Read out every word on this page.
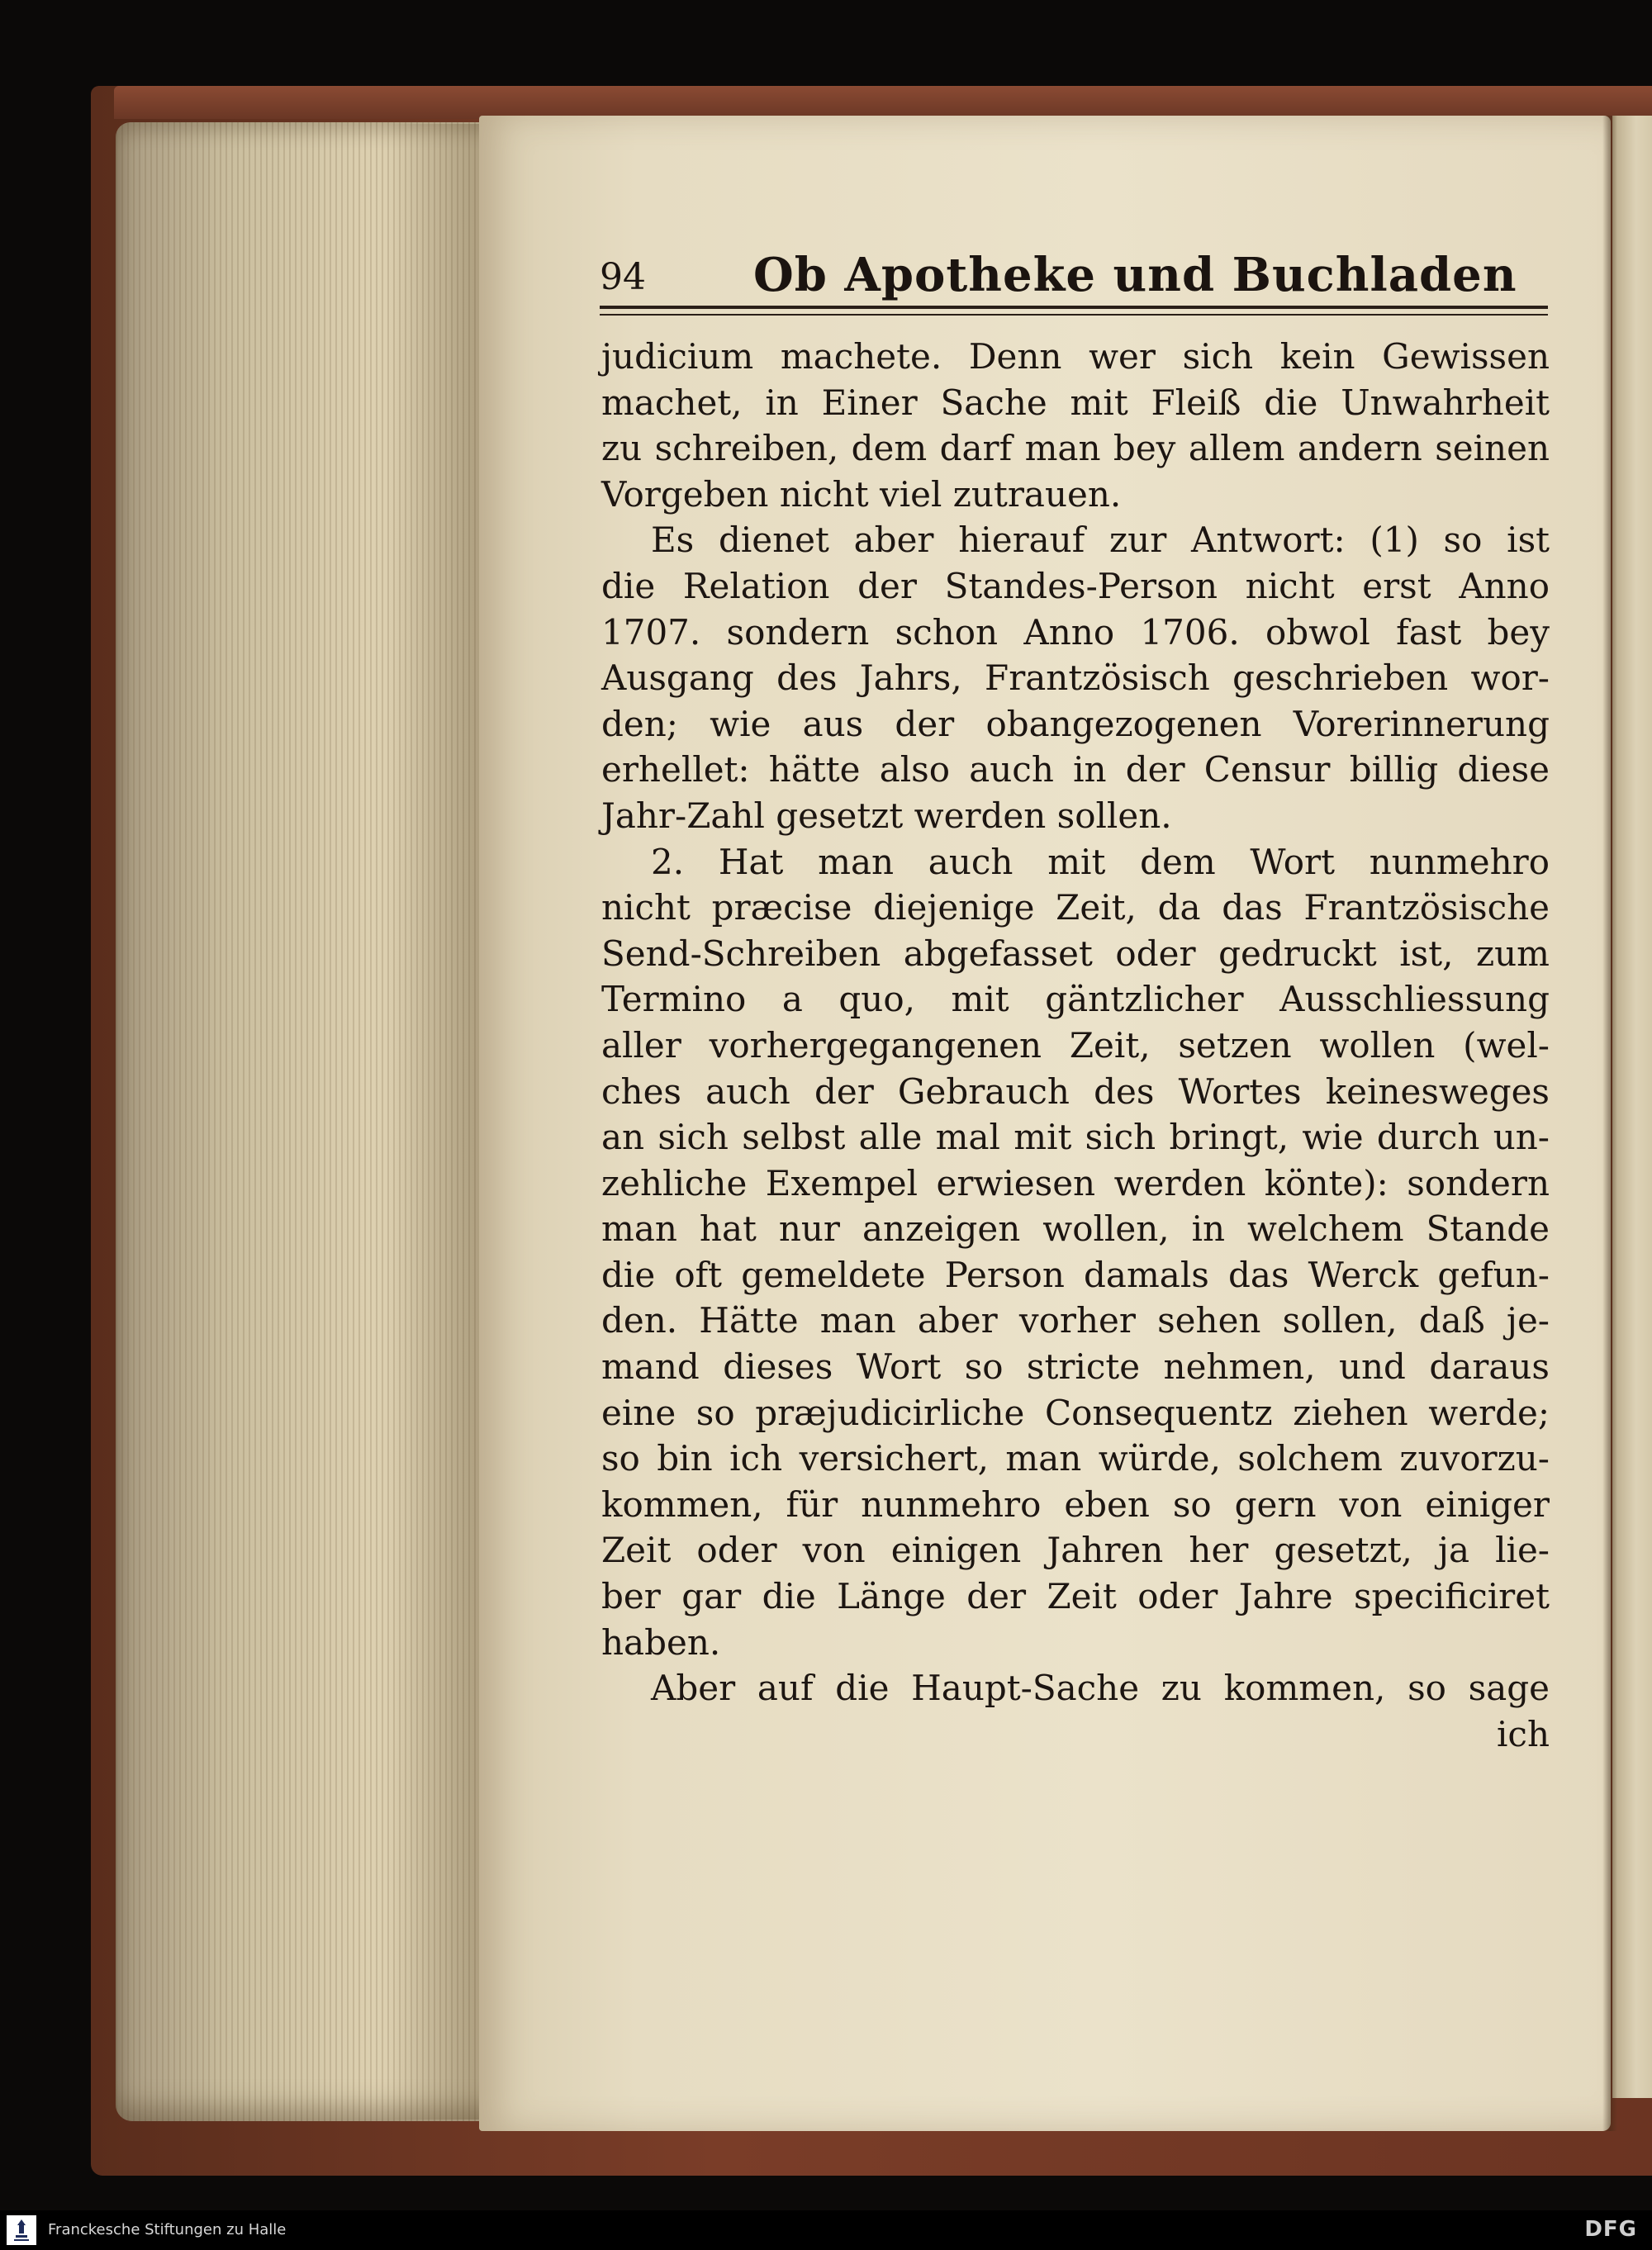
94 Ob Apotheke und Buchladen
judicium machete. Denn wer sich kein Gewissen
machet, in Einer Sache mit Fleiß die Unwahrheit
zu schreiben, dem darf man bey allem andern seinen
Vorgeben nicht viel zutrauen.
Es dienet aber hierauf zur Antwort: (1) so ist
die Relation der Standes-Person nicht erst Anno
1707. sondern schon Anno 1706. obwol fast bey
Ausgang des Jahrs, Frantzösisch geschrieben wor-
den; wie aus der obangezogenen Vorerinnerung
erhellet: hätte also auch in der Censur billig diese
Jahr-Zahl gesetzt werden sollen.
2. Hat man auch mit dem Wort nunmehro
nicht præcise diejenige Zeit, da das Frantzösische
Send-Schreiben abgefasset oder gedruckt ist, zum
Termino a quo, mit gäntzlicher Ausschliessung
aller vorhergegangenen Zeit, setzen wollen (wel-
ches auch der Gebrauch des Wortes keinesweges
an sich selbst alle mal mit sich bringt, wie durch un-
zehliche Exempel erwiesen werden könte): sondern
man hat nur anzeigen wollen, in welchem Stande
die oft gemeldete Person damals das Werck gefun-
den. Hätte man aber vorher sehen sollen, daß je-
mand dieses Wort so stricte nehmen, und daraus
eine so præjudicirliche Consequentz ziehen werde;
so bin ich versichert, man würde, solchem zuvorzu-
kommen, für nunmehro eben so gern von einiger
Zeit oder von einigen Jahren her gesetzt, ja lie-
ber gar die Länge der Zeit oder Jahre specificiret
haben.
Aber auf die Haupt-Sache zu kommen, so sage
ich
Franckesche Stiftungen zu Halle	DFG
